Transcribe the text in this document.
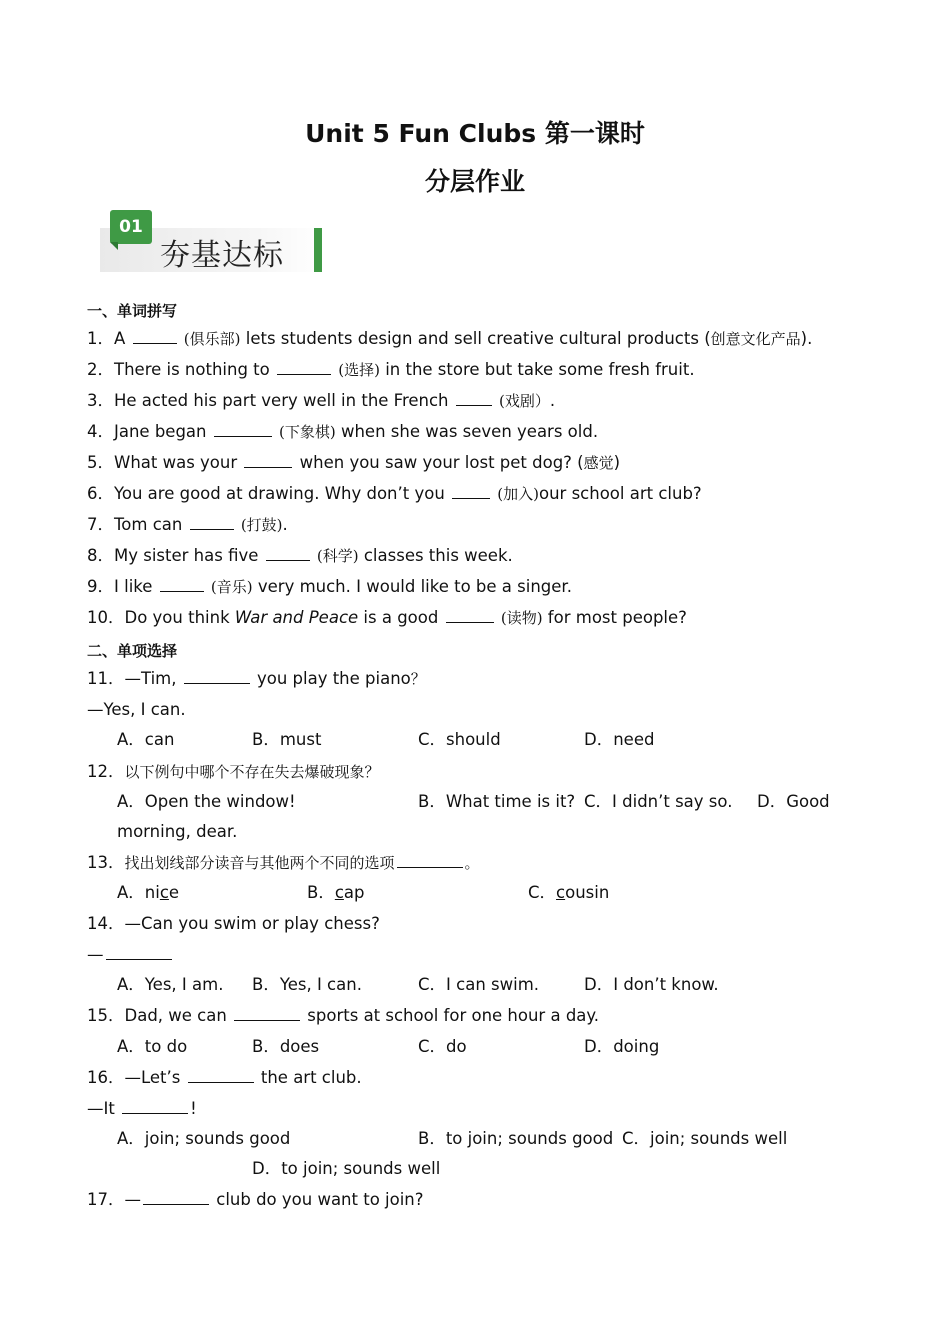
Unit 5 Fun Clubs 第一课时
分层作业
01
夯基达标
一、单词拼写
1．A	(俱乐部) lets students design and sell creative cultural products (创意文化产品).
2．There is nothing to	(选择) in the store but take some fresh fruit.
3．He acted his part very well in the French	(戏剧）.
4．Jane began	(下象棋) when she was seven years old.
5．What was your	when you saw your lost pet dog? (感觉)
6．You are good at drawing. Why don’t you	(加入)our school art club?
7．Tom can	(打鼓).
8．My sister has five	(科学) classes this week.
9．I like	(音乐) very much. I would like to be a singer.
10．Do you think War and Peace is a good	(读物) for most people?
二、单项选择
11．—Tim,	you play the piano？
—Yes, I can.
A．can	B．must	C．should	D．need
12．以下例句中哪个不存在失去爆破现象？
A．Open the window!	B．What time is it? C．I didn’t say so. D．Good
morning, dear.
13．找出划线部分读音与其他两个不同的选项	。
A．nice	B．cap	C．cousin
14．—Can you swim or play chess?
—
A．Yes, I am. B．Yes, I can.	C．I can swim.	D．I don’t know.
15．Dad, we can	sports at school for one hour a day.
A．to do	B．does	C．do	D．doing
16．—Let’s	the art club.
—It	!
A．join; sounds good	B．to join; sounds good C．join; sounds well
D．to join; sounds well
17．—	club do you want to join?
